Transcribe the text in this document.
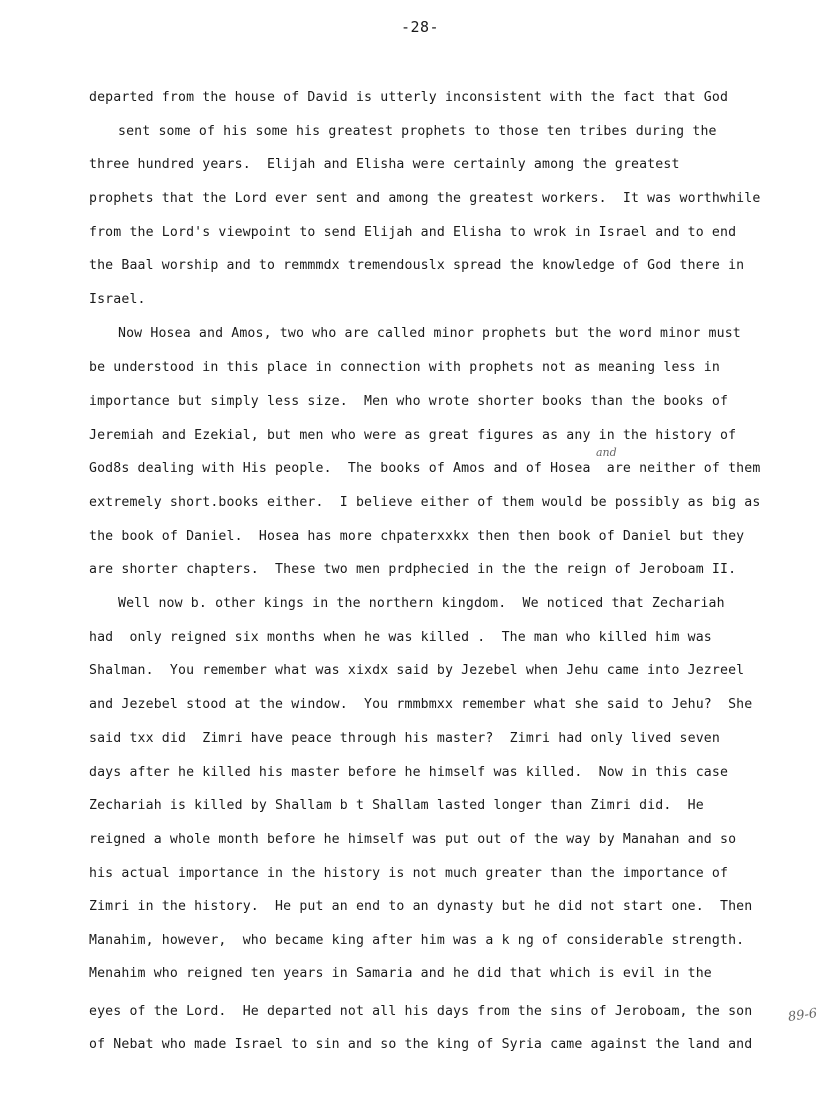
-28-
departed from the house of David is utterly inconsistent with the fact that God
sent some of his some his greatest prophets to those ten tribes during the
three hundred years.  Elijah and Elisha were certainly among the greatest
prophets that the Lord ever sent and among the greatest workers.  It was worthwhile
from the Lord's viewpoint to send Elijah and Elisha to wrok in Israel and to end
the Baal worship and to remmmdx tremendouslx spread the knowledge of God there in
Israel.
Now Hosea and Amos, two who are called minor prophets but the word minor must
be understood in this place in connection with prophets not as meaning less in
importance but simply less size.  Men who wrote shorter books than the books of
Jeremiah and Ezekial, but men who were as great figures as any in the history of
God8s dealing with His people.  The books of Amos and of Hosea  are neither of them
extremely short.books either.  I believe either of them would be possibly as big as
the book of Daniel.  Hosea has more chpaterxxkx then then book of Daniel but they
are shorter chapters.  These two men prdphecied in the the reign of Jeroboam II.
Well now b. other kings in the northern kingdom.  We noticed that Zechariah
had  only reigned six months when he was killed .  The man who killed him was
Shalman.  You remember what was xixdx said by Jezebel when Jehu came into Jezreel
and Jezebel stood at the window.  You rmmbmxx remember what she said to Jehu?  She
said txx did  Zimri have peace through his master?  Zimri had only lived seven
days after he killed his master before he himself was killed.  Now in this case
Zechariah is killed by Shallam b t Shallam lasted longer than Zimri did.  He
reigned a whole month before he himself was put out of the way by Manahan and so
his actual importance in the history is not much greater than the importance of
Zimri in the history.  He put an end to an dynasty but he did not start one.  Then
Manahim, however,  who became king after him was a k ng of considerable strength.
Menahim who reigned ten years in Samaria and he did that which is evil in the
eyes of the Lord.  He departed not all his days from the sins of Jeroboam, the son
of Nebat who made Israel to sin and so the king of Syria came against the land and
and
89-6
